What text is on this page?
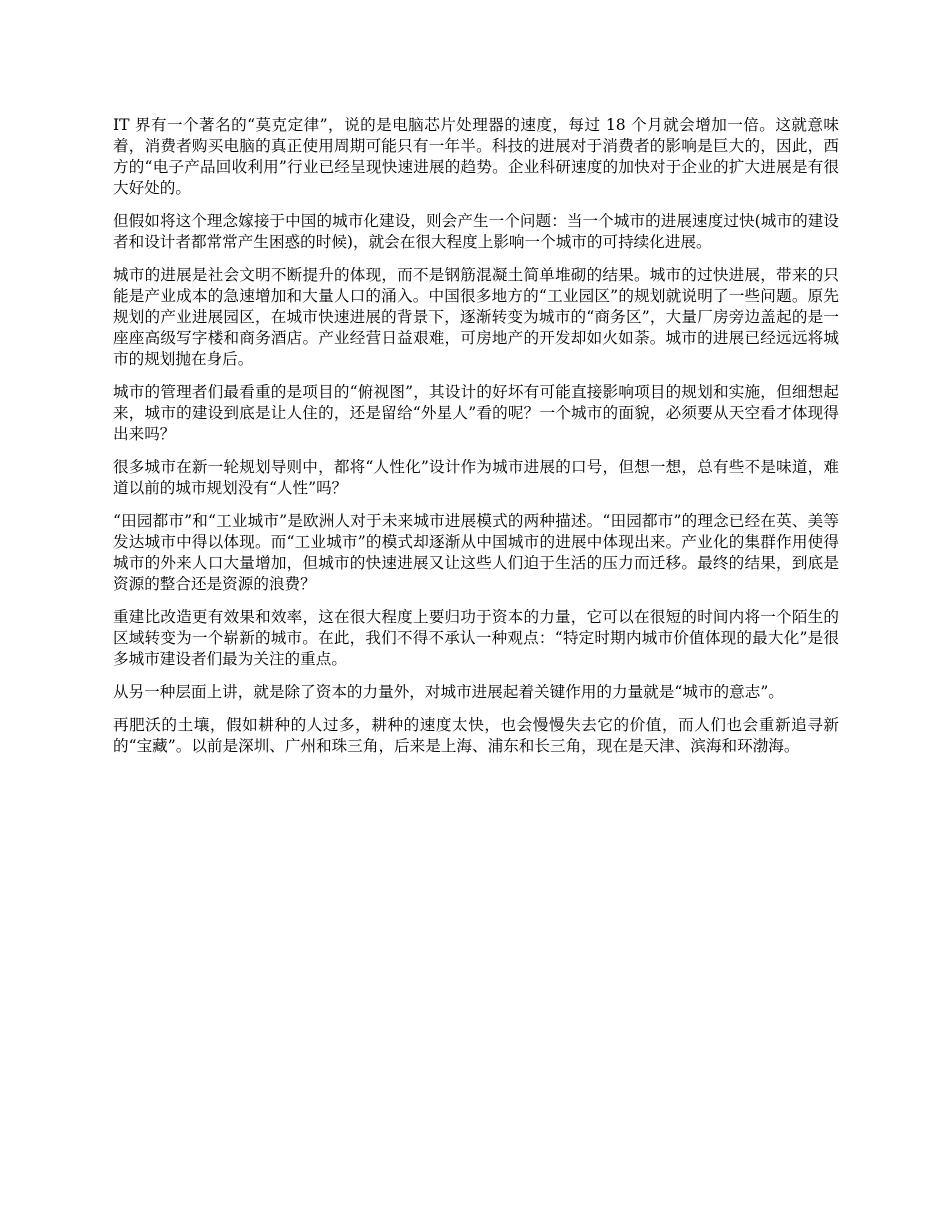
IT 界有一个著名的“莫克定律”，说的是电脑芯片处理器的速度，每过 18 个月就会增加一倍。这就意味着，消费者购买电脑的真正使用周期可能只有一年半。科技的进展对于消费者的影响是巨大的，因此，西方的“电子产品回收利用”行业已经呈现快速进展的趋势。企业科研速度的加快对于企业的扩大进展是有很大好处的。

但假如将这个理念嫁接于中国的城市化建设，则会产生一个问题：当一个城市的进展速度过快(城市的建设者和设计者都常常产生困惑的时候)，就会在很大程度上影响一个城市的可持续化进展。

城市的进展是社会文明不断提升的体现，而不是钢筋混凝土简单堆砌的结果。城市的过快进展，带来的只能是产业成本的急速增加和大量人口的涌入。中国很多地方的“工业园区”的规划就说明了一些问题。原先规划的产业进展园区，在城市快速进展的背景下，逐渐转变为城市的“商务区”，大量厂房旁边盖起的是一座座高级写字楼和商务酒店。产业经营日益艰难，可房地产的开发却如火如荼。城市的进展已经远远将城市的规划抛在身后。

城市的管理者们最看重的是项目的“俯视图”，其设计的好坏有可能直接影响项目的规划和实施，但细想起来，城市的建设到底是让人住的，还是留给“外星人”看的呢？一个城市的面貌，必须要从天空看才体现得出来吗？

很多城市在新一轮规划导则中，都将“人性化”设计作为城市进展的口号，但想一想，总有些不是味道，难道以前的城市规划没有“人性”吗？

“田园都市”和“工业城市”是欧洲人对于未来城市进展模式的两种描述。“田园都市”的理念已经在英、美等发达城市中得以体现。而“工业城市”的模式却逐渐从中国城市的进展中体现出来。产业化的集群作用使得城市的外来人口大量增加，但城市的快速进展又让这些人们迫于生活的压力而迁移。最终的结果，到底是资源的整合还是资源的浪费？

重建比改造更有效果和效率，这在很大程度上要归功于资本的力量，它可以在很短的时间内将一个陌生的区域转变为一个崭新的城市。在此，我们不得不承认一种观点：“特定时期内城市价值体现的最大化”是很多城市建设者们最为关注的重点。

从另一种层面上讲，就是除了资本的力量外，对城市进展起着关键作用的力量就是“城市的意志”。

再肥沃的土壤，假如耕种的人过多，耕种的速度太快，也会慢慢失去它的价值，而人们也会重新追寻新的“宝藏”。以前是深圳、广州和珠三角，后来是上海、浦东和长三角，现在是天津、滨海和环渤海。
